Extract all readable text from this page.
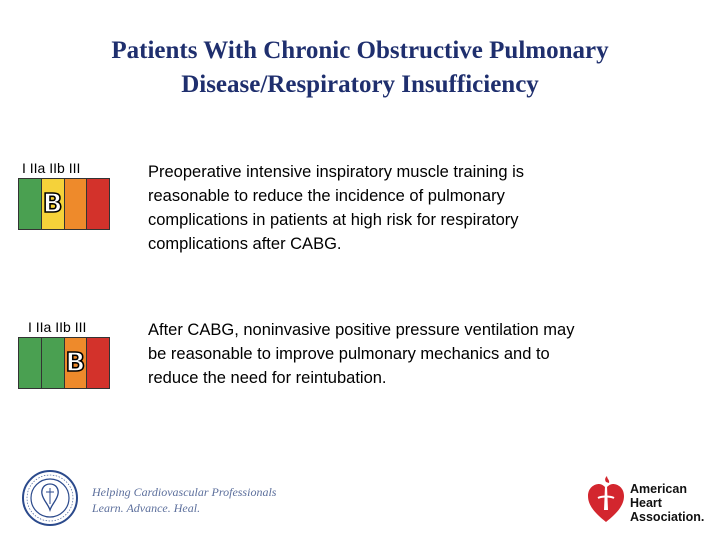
Patients With Chronic Obstructive Pulmonary
Disease/Respiratory Insufficiency
I IIa IIb III
B
Preoperative intensive inspiratory muscle training is
reasonable to reduce the incidence of pulmonary
complications in patients at high risk for respiratory
complications after CABG.
I IIa IIb III
B
After CABG, noninvasive positive pressure ventilation may
be reasonable to improve pulmonary mechanics and to
reduce the need for reintubation.
Helping Cardiovascular Professionals
Learn. Advance. Heal.
American
Heart
Association.
